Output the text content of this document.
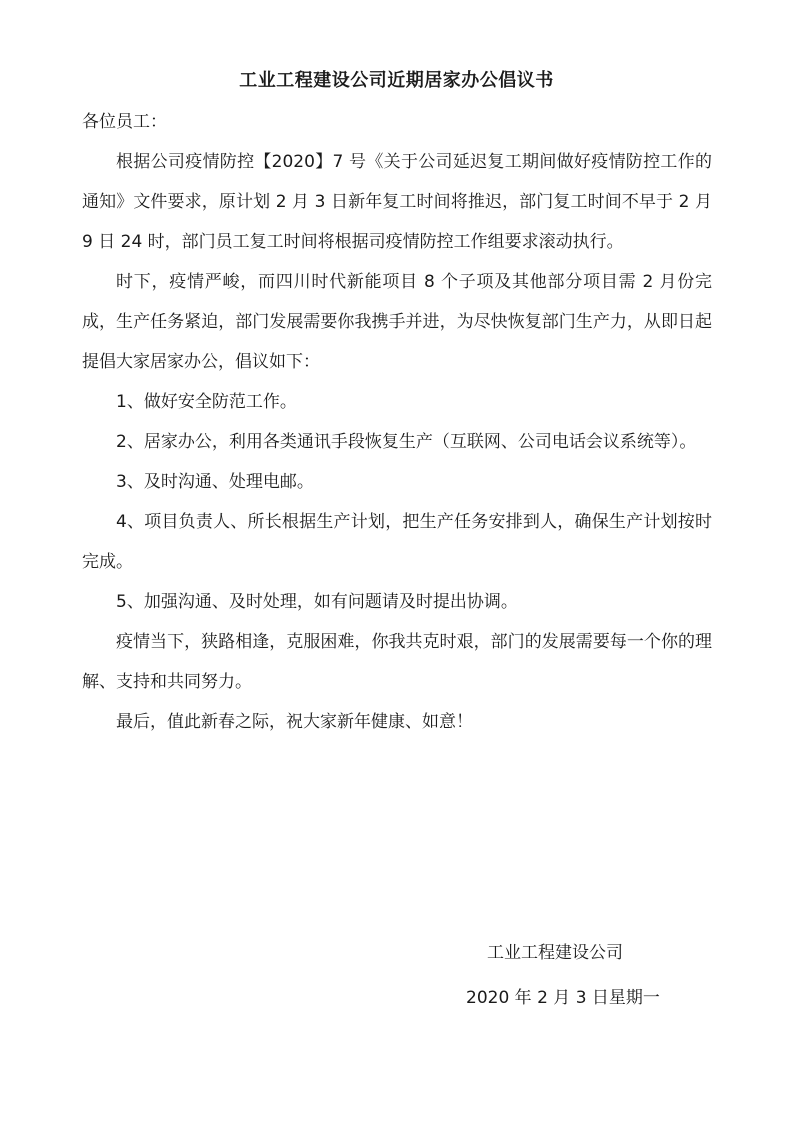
工业工程建设公司近期居家办公倡议书

各位员工：

根据公司疫情防控【2020】7 号《关于公司延迟复工期间做好疫情防控工作的通知》文件要求，原计划 2 月 3 日新年复工时间将推迟，部门复工时间不早于 2 月 9 日 24 时，部门员工复工时间将根据司疫情防控工作组要求滚动执行。

时下，疫情严峻，而四川时代新能项目 8 个子项及其他部分项目需 2 月份完成，生产任务紧迫，部门发展需要你我携手并进，为尽快恢复部门生产力，从即日起提倡大家居家办公，倡议如下：

1、做好安全防范工作。

2、居家办公，利用各类通讯手段恢复生产（互联网、公司电话会议系统等）。

3、及时沟通、处理电邮。

4、项目负责人、所长根据生产计划，把生产任务安排到人，确保生产计划按时完成。

5、加强沟通、及时处理，如有问题请及时提出协调。

疫情当下，狭路相逢，克服困难，你我共克时艰，部门的发展需要每一个你的理解、支持和共同努力。

最后，值此新春之际，祝大家新年健康、如意！

工业工程建设公司
2020 年 2 月 3 日星期一
